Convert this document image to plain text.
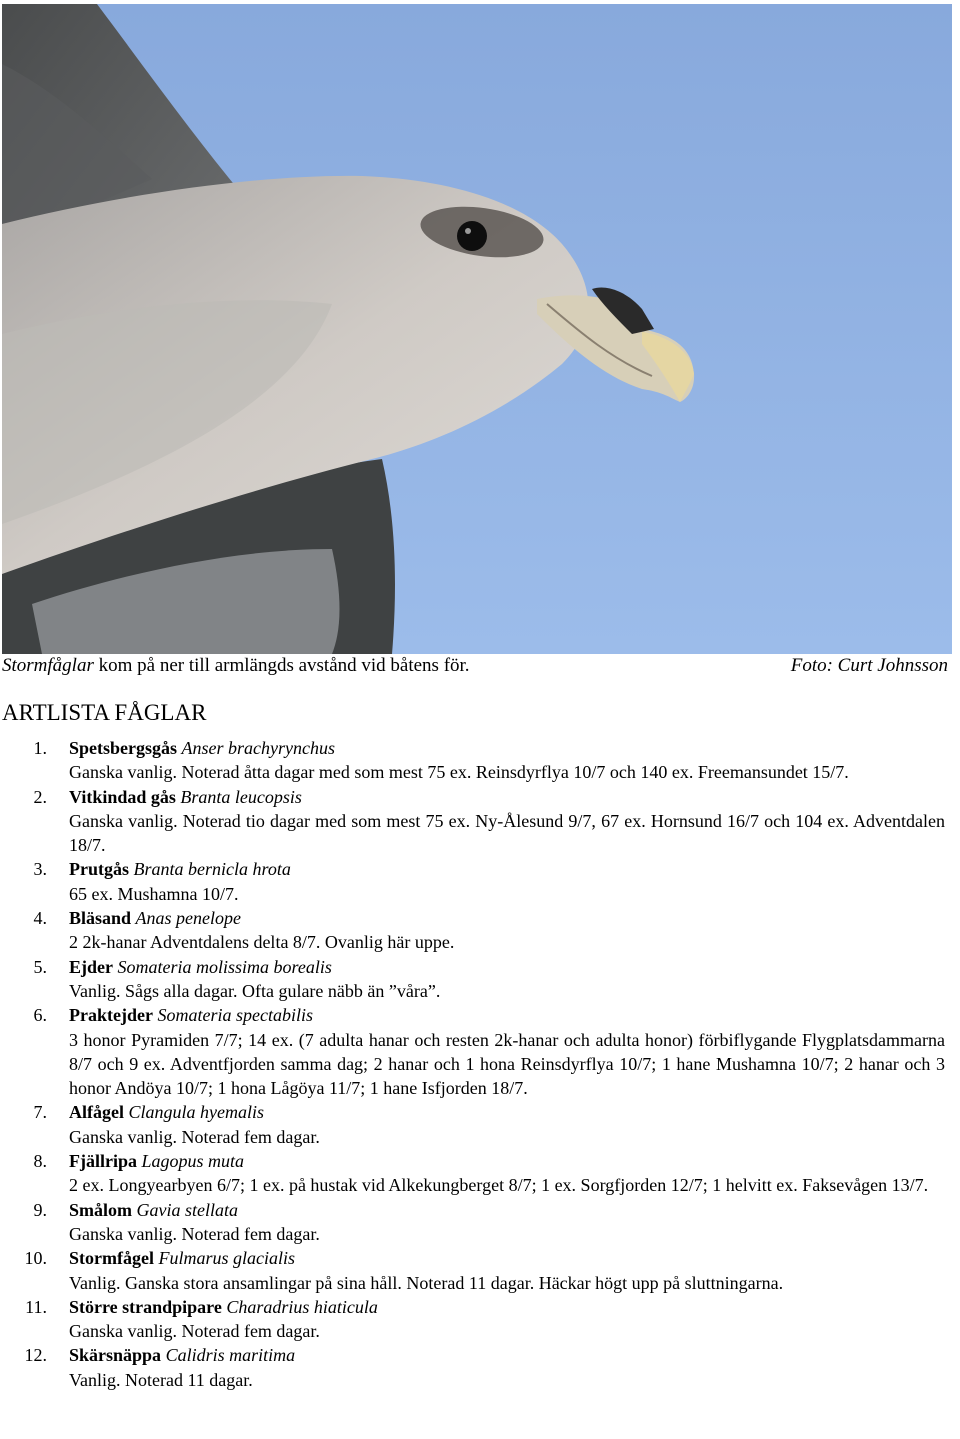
Stormfåglar kom på ner till armlängds avstånd vid båtens för.	Foto: Curt Johnsson
ARTLISTA FÅGLAR
1. Spetsbergsgås Anser brachyrynchus
Ganska vanlig. Noterad åtta dagar med som mest 75 ex. Reinsdyrflya 10/7 och 140 ex. Freemansundet 15/7.
2. Vitkindad gås Branta leucopsis
Ganska vanlig. Noterad tio dagar med som mest 75 ex. Ny-Ålesund 9/7, 67 ex. Hornsund 16/7 och 104 ex. Adventdalen 18/7.
3. Prutgås Branta bernicla hrota
65 ex. Mushamna 10/7.
4. Bläsand Anas penelope
2 2k-hanar Adventdalens delta 8/7. Ovanlig här uppe.
5. Ejder Somateria molissima borealis
Vanlig. Sågs alla dagar. Ofta gulare näbb än ”våra”.
6. Praktejder Somateria spectabilis
3 honor Pyramiden 7/7; 14 ex. (7 adulta hanar och resten 2k-hanar och adulta honor) förbiflygande Flygplatsdammarna 8/7 och 9 ex. Adventfjorden samma dag; 2 hanar och 1 hona Reinsdyrflya 10/7; 1 hane Mushamna 10/7; 2 hanar och 3 honor Andöya 10/7; 1 hona Lågöya 11/7; 1 hane Isfjorden 18/7.
7. Alfågel Clangula hyemalis
Ganska vanlig. Noterad fem dagar.
8. Fjällripa Lagopus muta
2 ex. Longyearbyen 6/7; 1 ex. på hustak vid Alkekungberget 8/7; 1 ex. Sorgfjorden 12/7; 1 helvitt ex. Faksevågen 13/7.
9. Smålom Gavia stellata
Ganska vanlig. Noterad fem dagar.
10. Stormfågel Fulmarus glacialis
Vanlig. Ganska stora ansamlingar på sina håll. Noterad 11 dagar. Häckar högt upp på sluttningarna.
11. Större strandpipare Charadrius hiaticula
Ganska vanlig. Noterad fem dagar.
12. Skärsnäppa Calidris maritima
Vanlig. Noterad 11 dagar.
